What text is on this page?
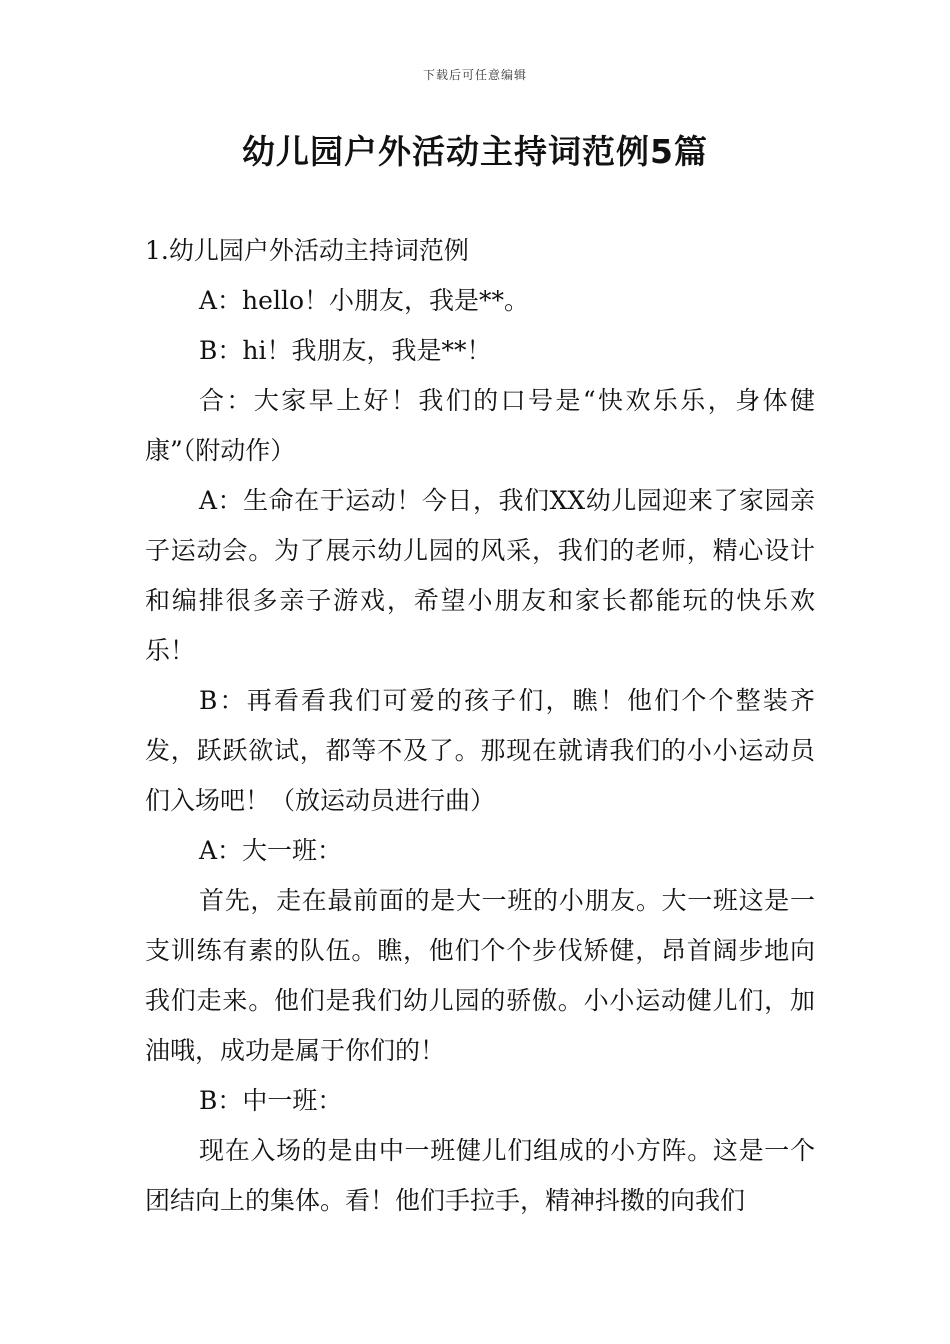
下载后可任意编辑
幼儿园户外活动主持词范例5篇

1.幼儿园户外活动主持词范例

A：hello！小朋友，我是**。

B：hi！我朋友，我是**！

合：大家早上好！我们的口号是“快欢乐乐，身体健康”（附动作）

A：生命在于运动！今日，我们XX幼儿园迎来了家园亲子运动会。为了展示幼儿园的风采，我们的老师，精心设计和编排很多亲子游戏，希望小朋友和家长都能玩的快乐欢乐！

B：再看看我们可爱的孩子们，瞧！他们个个整装齐发，跃跃欲试，都等不及了。那现在就请我们的小小运动员们入场吧！（放运动员进行曲）

A：大一班：

首先，走在最前面的是大一班的小朋友。大一班这是一支训练有素的队伍。瞧，他们个个步伐矫健，昂首阔步地向我们走来。他们是我们幼儿园的骄傲。小小运动健儿们，加油哦，成功是属于你们的！

B：中一班：

现在入场的是由中一班健儿们组成的小方阵。这是一个团结向上的集体。看！他们手拉手，精神抖擞的向我们
